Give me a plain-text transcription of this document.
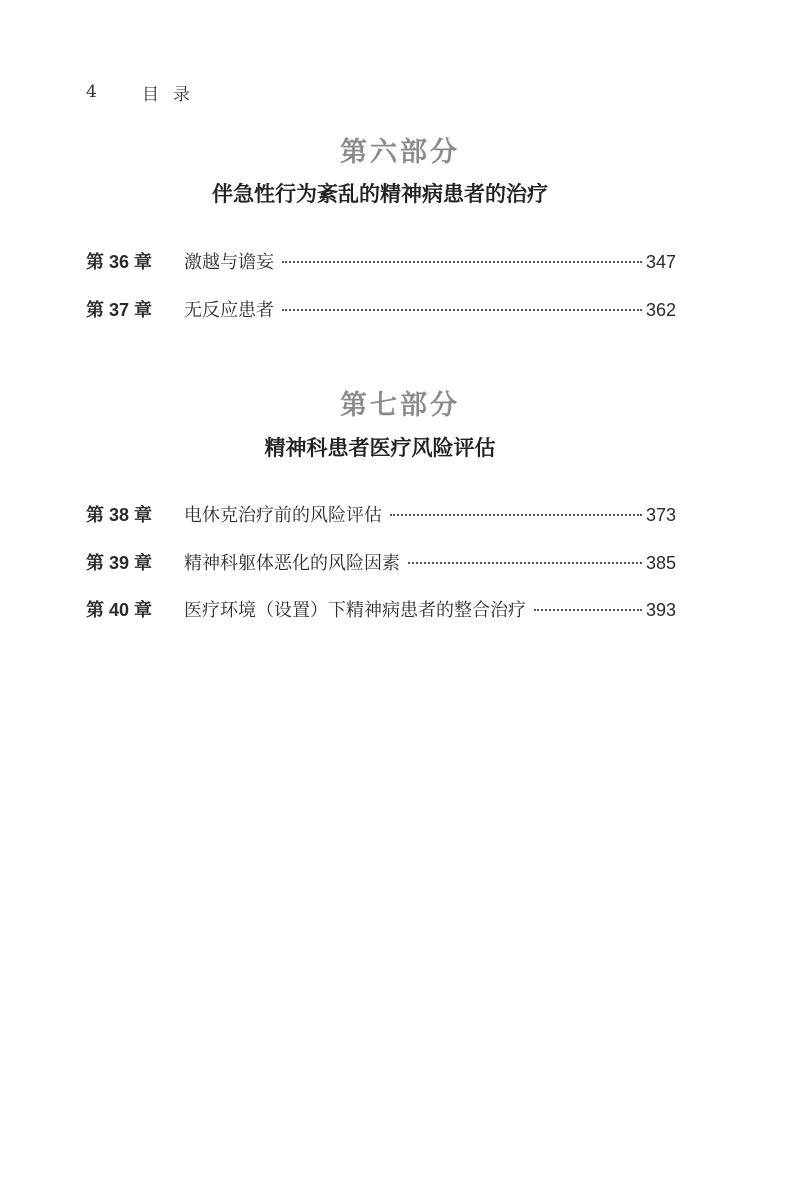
4	目录
第六部分
伴急性行为紊乱的精神病患者的治疗
第 36 章	激越与谵妄	347
第 37 章	无反应患者	362
第七部分
精神科患者医疗风险评估
第 38 章	电休克治疗前的风险评估	373
第 39 章	精神科躯体恶化的风险因素	385
第 40 章	医疗环境（设置）下精神病患者的整合治疗	393
